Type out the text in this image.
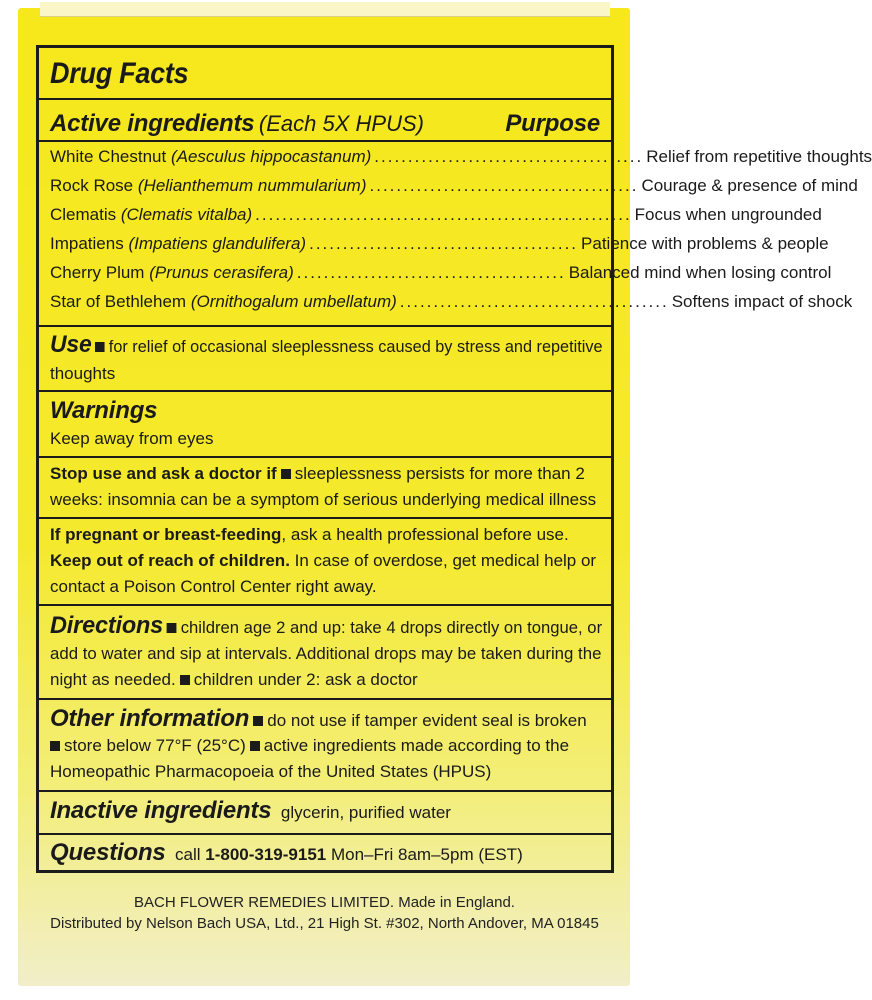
Drug Facts
Active ingredients (Each 5X HPUS)	Purpose
White Chestnut (Aesculus hippocastanum) ........................................ Relief from repetitive thoughts
Rock Rose (Helianthemum nummularium) ........................................ Courage & presence of mind
Clematis (Clematis vitalba) ........................................................ Focus when ungrounded
Impatiens (Impatiens glandulifera) ........................................ Patience with problems & people
Cherry Plum (Prunus cerasifera) ........................................ Balanced mind when losing control
Star of Bethlehem (Ornithogalum umbellatum) ........................................ Softens impact of shock
Use for relief of occasional sleeplessness caused by stress and repetitive
thoughts
Warnings
Keep away from eyes
Stop use and ask a doctor if sleeplessness persists for more than 2
weeks: insomnia can be a symptom of serious underlying medical illness
If pregnant or breast-feeding, ask a health professional before use.
Keep out of reach of children. In case of overdose, get medical help or
contact a Poison Control Center right away.
Directions children age 2 and up: take 4 drops directly on tongue, or
add to water and sip at intervals. Additional drops may be taken during the
night as needed. children under 2: ask a doctor
Other information do not use if tamper evident seal is broken
store below 77°F (25°C) active ingredients made according to the
Homeopathic Pharmacopoeia of the United States (HPUS)
Inactive ingredients glycerin, purified water
Questions call 1-800-319-9151 Mon–Fri 8am–5pm (EST)
BACH FLOWER REMEDIES LIMITED. Made in England.
Distributed by Nelson Bach USA, Ltd., 21 High St. #302, North Andover, MA 01845
